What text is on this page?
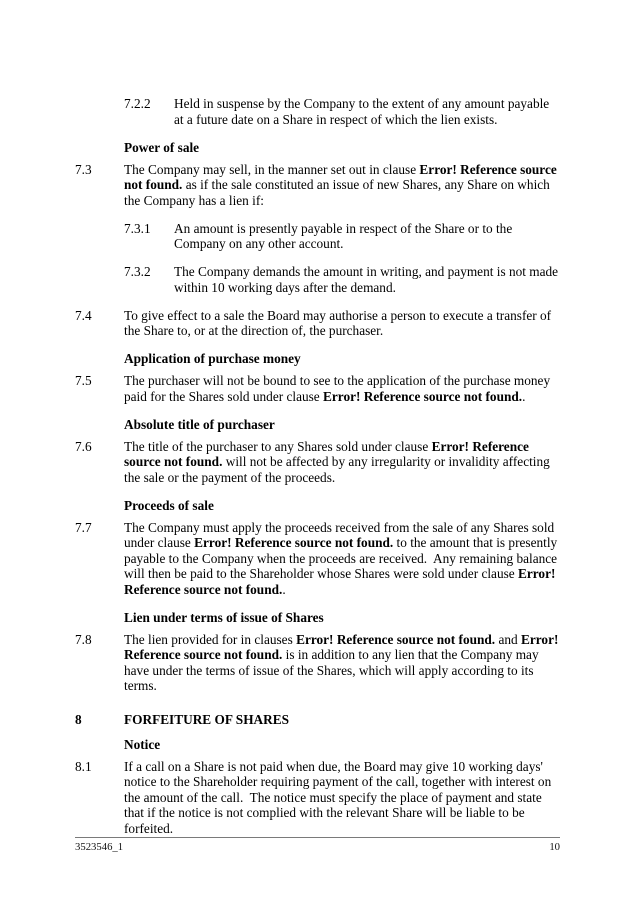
7.2.2	Held in suspense by the Company to the extent of any amount payable at a future date on a Share in respect of which the lien exists.
Power of sale
7.3	The Company may sell, in the manner set out in clause Error! Reference source not found. as if the sale constituted an issue of new Shares, any Share on which the Company has a lien if:
7.3.1	An amount is presently payable in respect of the Share or to the Company on any other account.
7.3.2	The Company demands the amount in writing, and payment is not made within 10 working days after the demand.
7.4	To give effect to a sale the Board may authorise a person to execute a transfer of the Share to, or at the direction of, the purchaser.
Application of purchase money
7.5	The purchaser will not be bound to see to the application of the purchase money paid for the Shares sold under clause Error! Reference source not found..
Absolute title of purchaser
7.6	The title of the purchaser to any Shares sold under clause Error! Reference source not found. will not be affected by any irregularity or invalidity affecting the sale or the payment of the proceeds.
Proceeds of sale
7.7	The Company must apply the proceeds received from the sale of any Shares sold under clause Error! Reference source not found. to the amount that is presently payable to the Company when the proceeds are received.  Any remaining balance will then be paid to the Shareholder whose Shares were sold under clause Error! Reference source not found..
Lien under terms of issue of Shares
7.8	The lien provided for in clauses Error! Reference source not found. and Error! Reference source not found. is in addition to any lien that the Company may have under the terms of issue of the Shares, which will apply according to its terms.
8	FORFEITURE OF SHARES
Notice
8.1	If a call on a Share is not paid when due, the Board may give 10 working days' notice to the Shareholder requiring payment of the call, together with interest on the amount of the call.  The notice must specify the place of payment and state that if the notice is not complied with the relevant Share will be liable to be forfeited.
3523546_1	10
